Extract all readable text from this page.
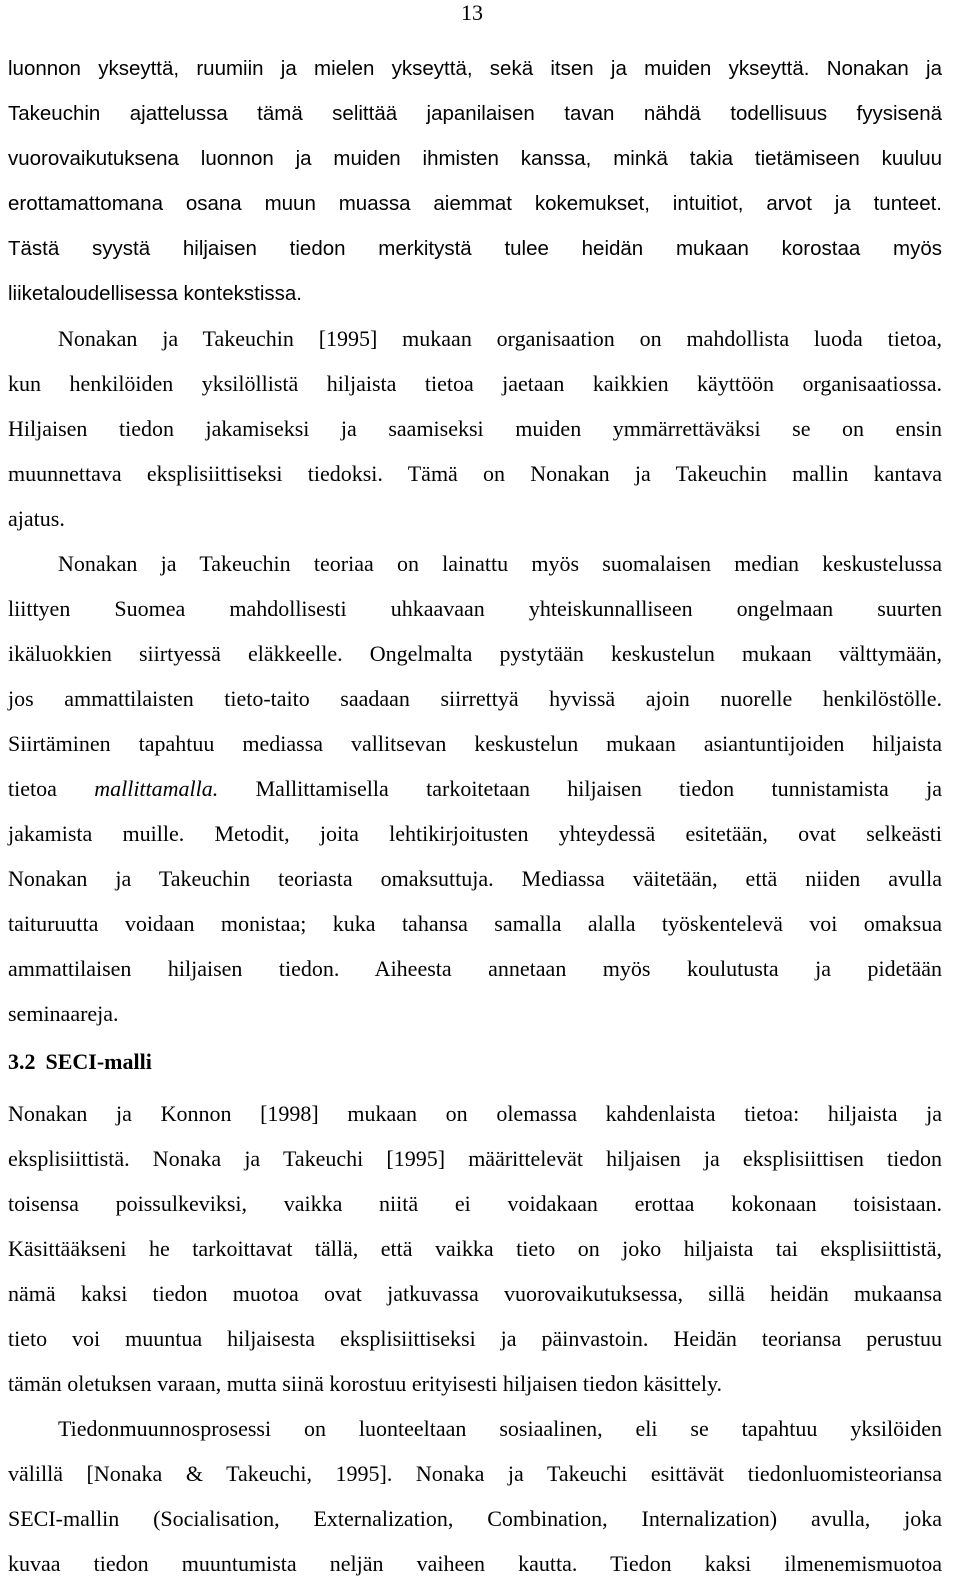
13
luonnon ykseyttä, ruumiin ja mielen ykseyttä, sekä itsen ja muiden ykseyttä. Nonakan ja
Takeuchin ajattelussa tämä selittää japanilaisen tavan nähdä todellisuus fyysisenä
vuorovaikutuksena luonnon ja muiden ihmisten kanssa, minkä takia tietämiseen kuuluu
erottamattomana osana muun muassa aiemmat kokemukset, intuitiot, arvot ja tunteet.
Tästä syystä hiljaisen tiedon merkitystä tulee heidän mukaan korostaa myös
liiketaloudellisessa kontekstissa.
Nonakan ja Takeuchin [1995] mukaan organisaation on mahdollista luoda tietoa,
kun henkilöiden yksilöllistä hiljaista tietoa jaetaan kaikkien käyttöön organisaatiossa.
Hiljaisen tiedon jakamiseksi ja saamiseksi muiden ymmärrettäväksi se on ensin
muunnettava eksplisiittiseksi tiedoksi. Tämä on Nonakan ja Takeuchin mallin kantava
ajatus.
Nonakan ja Takeuchin teoriaa on lainattu myös suomalaisen median keskustelussa
liittyen Suomea mahdollisesti uhkaavaan yhteiskunnalliseen ongelmaan suurten
ikäluokkien siirtyessä eläkkeelle. Ongelmalta pystytään keskustelun mukaan välttymään,
jos ammattilaisten tieto-taito saadaan siirrettyä hyvissä ajoin nuorelle henkilöstölle.
Siirtäminen tapahtuu mediassa vallitsevan keskustelun mukaan asiantuntijoiden hiljaista
tietoa mallittamalla. Mallittamisella tarkoitetaan hiljaisen tiedon tunnistamista ja
jakamista muille. Metodit, joita lehtikirjoitusten yhteydessä esitetään, ovat selkeästi
Nonakan ja Takeuchin teoriasta omaksuttuja. Mediassa väitetään, että niiden avulla
taituruutta voidaan monistaa; kuka tahansa samalla alalla työskentelevä voi omaksua
ammattilaisen hiljaisen tiedon. Aiheesta annetaan myös koulutusta ja pidetään
seminaareja.
3.2 SECI-malli
Nonakan ja Konnon [1998] mukaan on olemassa kahdenlaista tietoa: hiljaista ja
eksplisiittistä. Nonaka ja Takeuchi [1995] määrittelevät hiljaisen ja eksplisiittisen tiedon
toisensa poissulkeviksi, vaikka niitä ei voidakaan erottaa kokonaan toisistaan.
Käsittääkseni he tarkoittavat tällä, että vaikka tieto on joko hiljaista tai eksplisiittistä,
nämä kaksi tiedon muotoa ovat jatkuvassa vuorovaikutuksessa, sillä heidän mukaansa
tieto voi muuntua hiljaisesta eksplisiittiseksi ja päinvastoin. Heidän teoriansa perustuu
tämän oletuksen varaan, mutta siinä korostuu erityisesti hiljaisen tiedon käsittely.
Tiedonmuunnosprosessi on luonteeltaan sosiaalinen, eli se tapahtuu yksilöiden
välillä [Nonaka & Takeuchi, 1995]. Nonaka ja Takeuchi esittävät tiedonluomisteoriansa
SECI-mallin (Socialisation, Externalization, Combination, Internalization) avulla, joka
kuvaa tiedon muuntumista neljän vaiheen kautta. Tiedon kaksi ilmenemismuotoa
